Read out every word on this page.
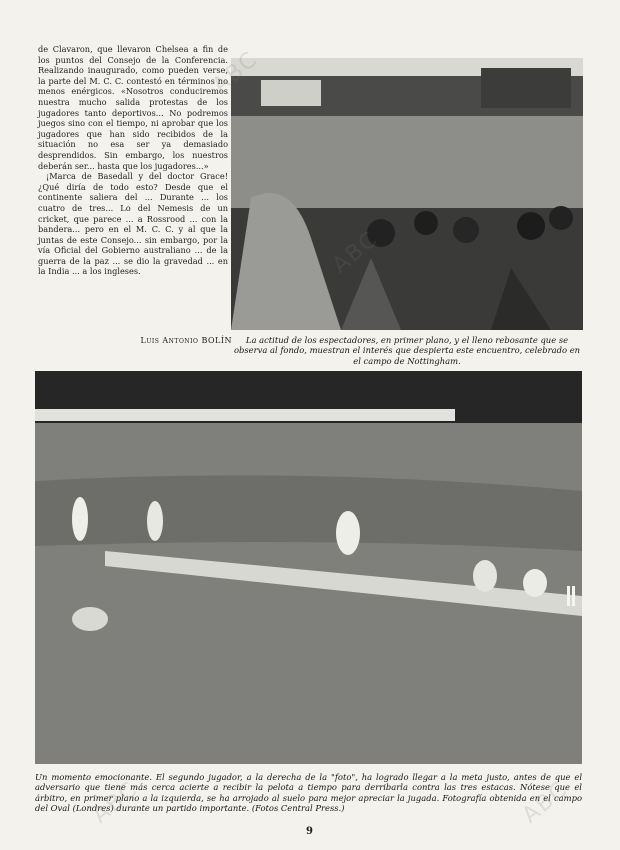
de Clavaron, que llevaron Chelsea a fin de los puntos del Consejo de la Conferencia. Realizando inaugurado, como pueden verse, la parte del M. C. C. contestó en términos no menos enérgicos. «Nosotros conduciremos nuestra mucho salida protestas de los jugadores tanto deportivos... No podremos juegos sino con el tiempo, ni aprobar que los jugadores que han sido recibidos de la situación no esa ser ya demasiado desprendidos. Sin embargo, los nuestros deberán ser... hasta que los jugadores...»

¡Marca de Basedall y del doctor Grace! ¿Qué diría de todo esto? Desde que el continente saliera del ... Durante ... los cuatro de tres... Lo del Nemesis de un cricket, que parece ... a Rossrood ... con la bandera... pero en el M. C. C. y al que la juntas de este Consejo... sin embargo, por la vía Oficial del Gobierno australiano ... de la guerra de la paz ... se dio la gravedad ... en la India ... a los ingleses.

Luis Antonio BOLÍN	La actitud de los espectadores, en primer plano, y el lleno rebosante que se observa al fondo, muestran el interés que despierta este encuentro, celebrado en el campo de Nottingham.
Un momento emocionante. El segundo jugador, a la derecha de la "foto", ha logrado llegar a la meta justo, antes de que el adversario que tiene más cerca acierte a recibir la pelota a tiempo para derribarla contra las tres estacas. Nótese que el árbitro, en primer plano a la izquierda, se ha arrojado al suelo para mejor apreciar la jugada. Fotografía obtenida en el campo del Oval (Londres) durante un partido importante. (Fotos Central Press.)
9
ABC	ABC
